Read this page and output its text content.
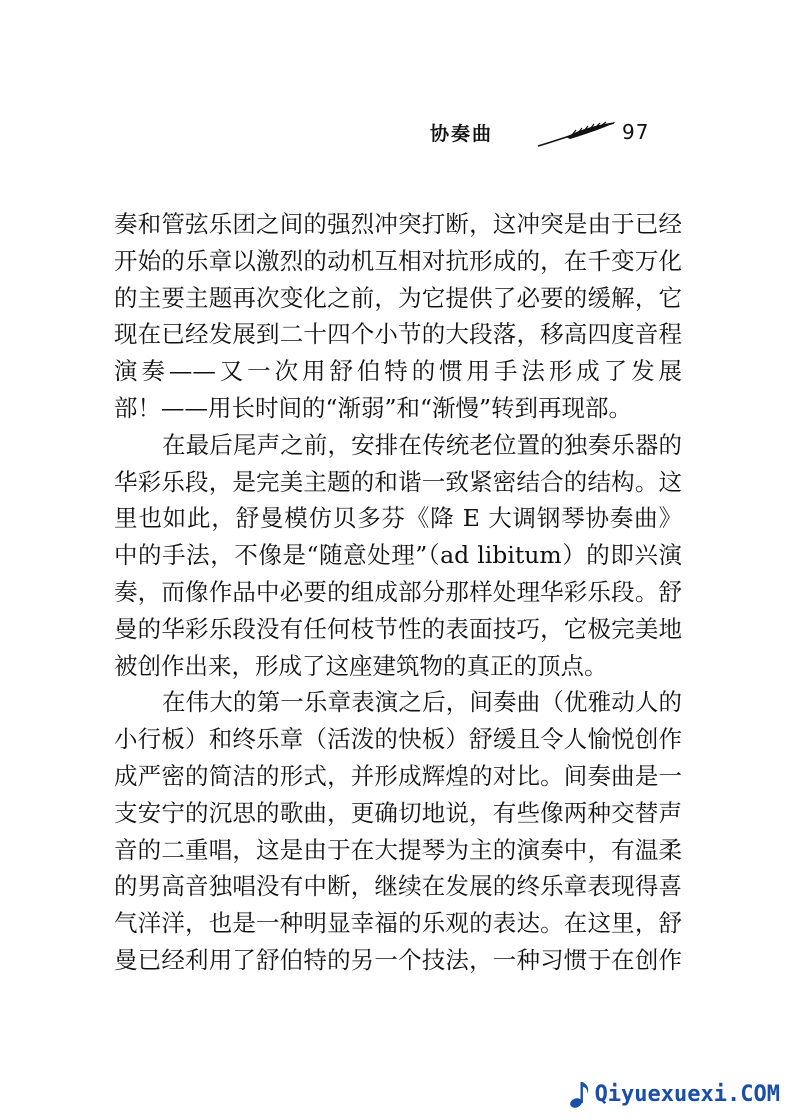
协奏曲	97
奏和管弦乐团之间的强烈冲突打断，这冲突是由于已经
开始的乐章以激烈的动机互相对抗形成的，在千变万化
的主要主题再次变化之前，为它提供了必要的缓解，它
现在已经发展到二十四个小节的大段落，移高四度音程
演奏——又一次用舒伯特的惯用手法形成了发展
部！——用长时间的“渐弱”和“渐慢”转到再现部。
在最后尾声之前，安排在传统老位置的独奏乐器的
华彩乐段，是完美主题的和谐一致紧密结合的结构。这
里也如此，舒曼模仿贝多芬《降 E 大调钢琴协奏曲》
中的手法，不像是“随意处理”（ad libitum）的即兴演
奏，而像作品中必要的组成部分那样处理华彩乐段。舒
曼的华彩乐段没有任何枝节性的表面技巧，它极完美地
被创作出来，形成了这座建筑物的真正的顶点。
在伟大的第一乐章表演之后，间奏曲（优雅动人的
小行板）和终乐章（活泼的快板）舒缓且令人愉悦创作
成严密的简洁的形式，并形成辉煌的对比。间奏曲是一
支安宁的沉思的歌曲，更确切地说，有些像两种交替声
音的二重唱，这是由于在大提琴为主的演奏中，有温柔
的男高音独唱没有中断，继续在发展的终乐章表现得喜
气洋洋，也是一种明显幸福的乐观的表达。在这里，舒
曼已经利用了舒伯特的另一个技法，一种习惯于在创作
Qiyuexuexi.COM
